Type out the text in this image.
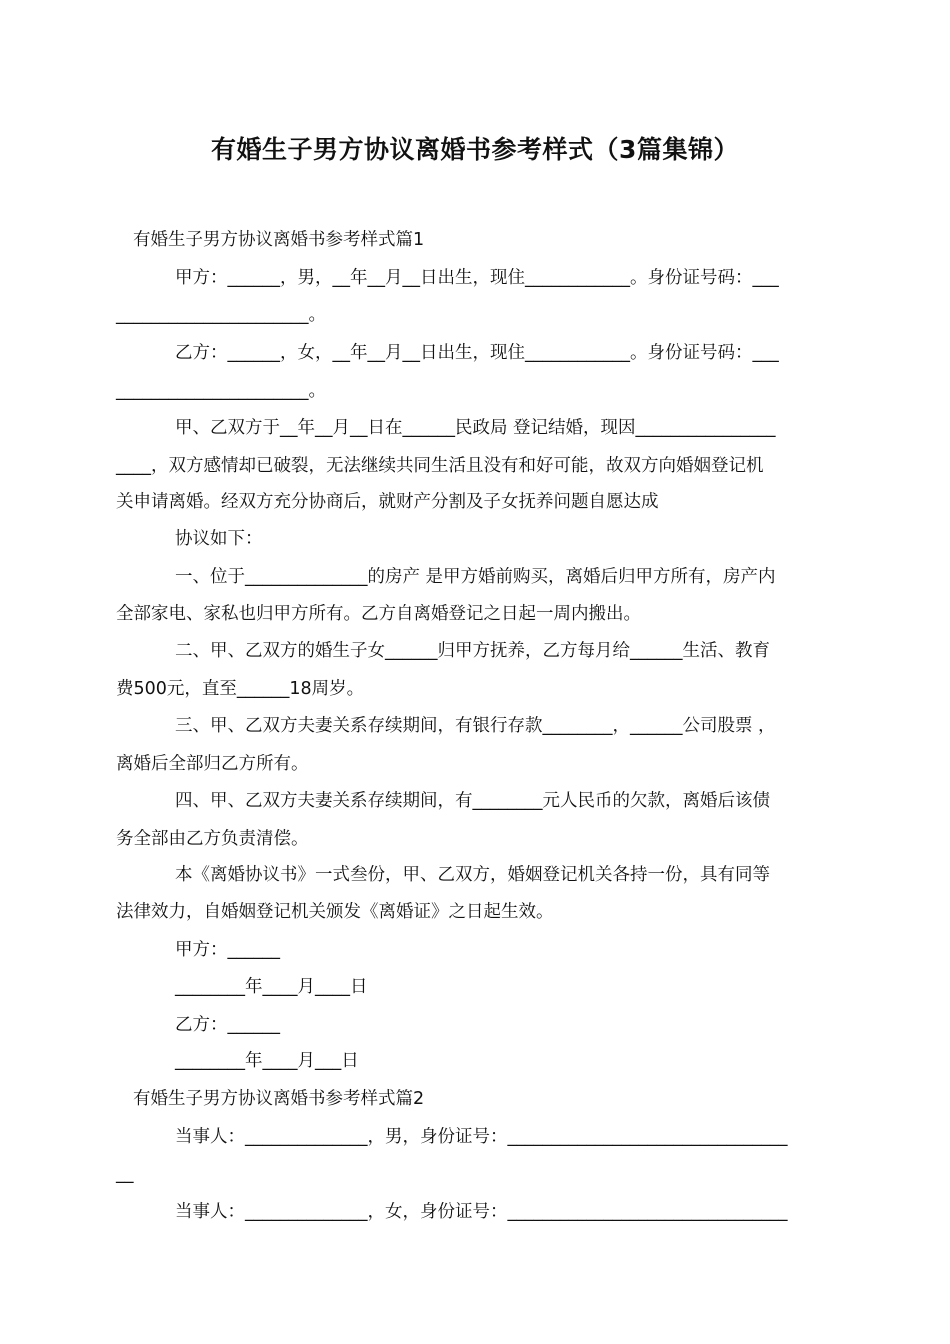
有婚生子男方协议离婚书参考样式（3篇集锦）

有婚生子男方协议离婚书参考样式篇1

甲方：______，男，__年__月__日出生，现住____________。身份证号码：___

______________________。

乙方：______，女，__年__月__日出生，现住____________。身份证号码：___

______________________。

甲、乙双方于__年__月__日在______民政局 登记结婚，现因________________

____，双方感情却已破裂，无法继续共同生活且没有和好可能，故双方向婚姻登记机

关申请离婚。经双方充分协商后，就财产分割及子女抚养问题自愿达成

协议如下：

一、位于______________的房产 是甲方婚前购买，离婚后归甲方所有，房产内

全部家电、家私也归甲方所有。乙方自离婚登记之日起一周内搬出。

二、甲、乙双方的婚生子女______归甲方抚养，乙方每月给______生活、教育

费500元，直至______18周岁。

三、甲、乙双方夫妻关系存续期间，有银行存款________，______公司股票 ，

离婚后全部归乙方所有。

四、甲、乙双方夫妻关系存续期间，有________元人民币的欠款，离婚后该债

务全部由乙方负责清偿。

本《离婚协议书》一式叁份，甲、乙双方，婚姻登记机关各持一份，具有同等

法律效力，自婚姻登记机关颁发《离婚证》之日起生效。

甲方：______

________年____月____日

乙方：______

________年____月___日

有婚生子男方协议离婚书参考样式篇2

当事人：______________，男，身份证号：________________________________

__

当事人：______________，女，身份证号：________________________________
